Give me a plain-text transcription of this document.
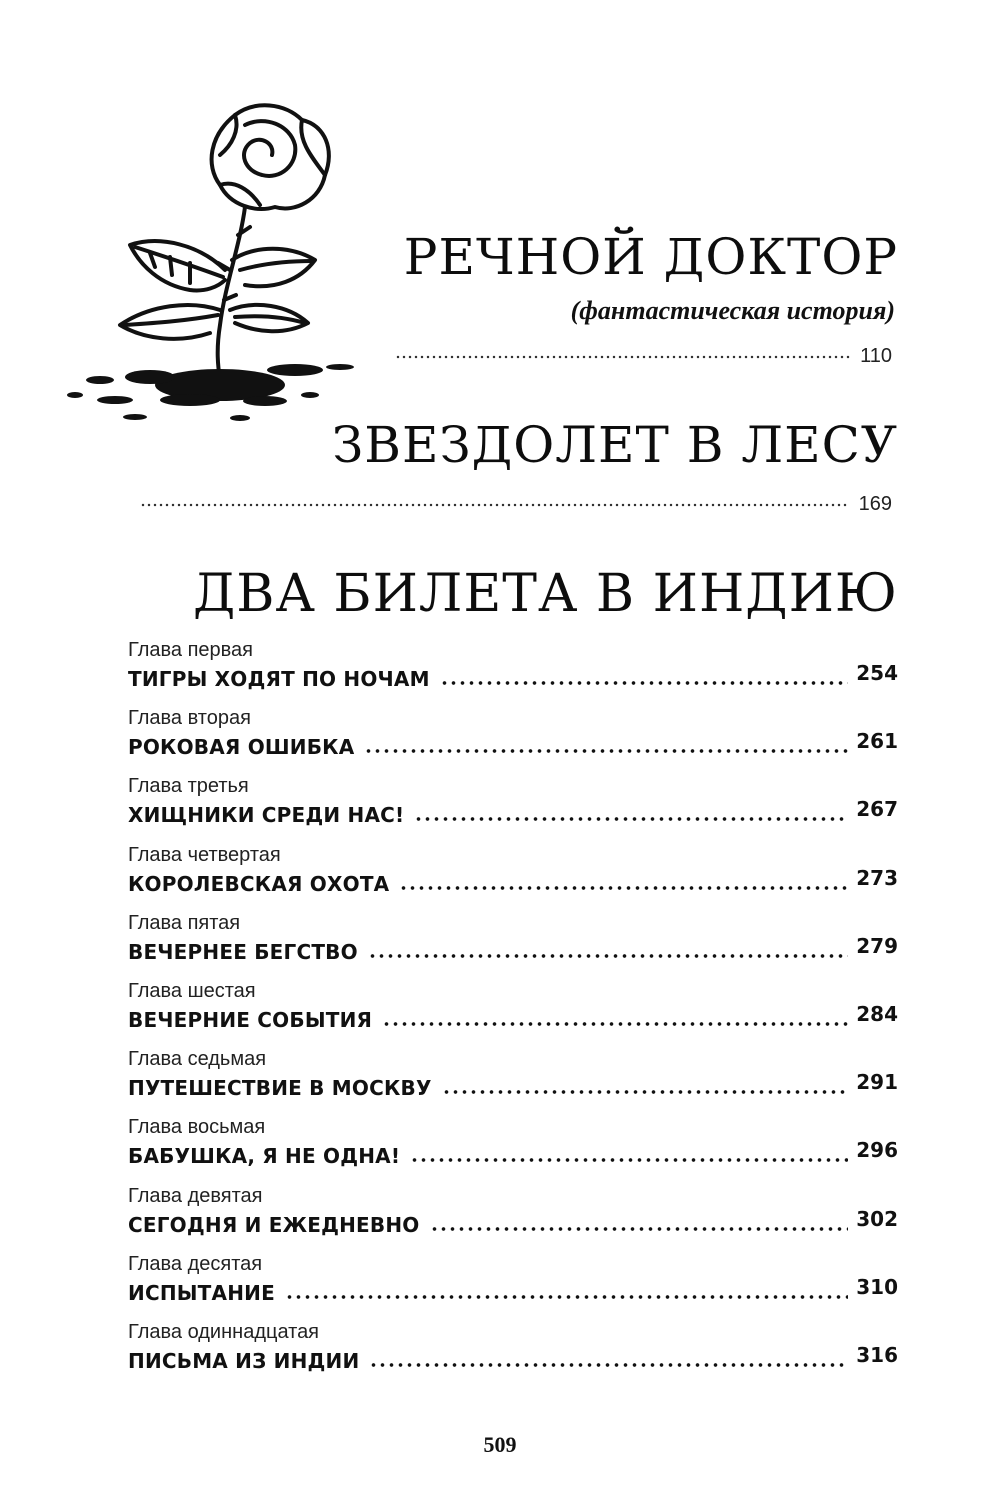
РЕЧНОЙ ДОКТОР
(фантастическая история)
110
ЗВЕЗДОЛЕТ В ЛЕСУ
169
ДВА БИЛЕТА В ИНДИЮ
Глава первая
ТИГРЫ ХОДЯТ ПО НОЧАМ	254
Глава вторая
РОКОВАЯ ОШИБКА	261
Глава третья
ХИЩНИКИ СРЕДИ НАС!	267
Глава четвертая
КОРОЛЕВСКАЯ ОХОТА	273
Глава пятая
ВЕЧЕРНЕЕ БЕГСТВО	279
Глава шестая
ВЕЧЕРНИЕ СОБЫТИЯ	284
Глава седьмая
ПУТЕШЕСТВИЕ В МОСКВУ	291
Глава восьмая
БАБУШКА, Я НЕ ОДНА!	296
Глава девятая
СЕГОДНЯ И ЕЖЕДНЕВНО	302
Глава десятая
ИСПЫТАНИЕ	310
Глава одиннадцатая
ПИСЬМА ИЗ ИНДИИ	316
509
